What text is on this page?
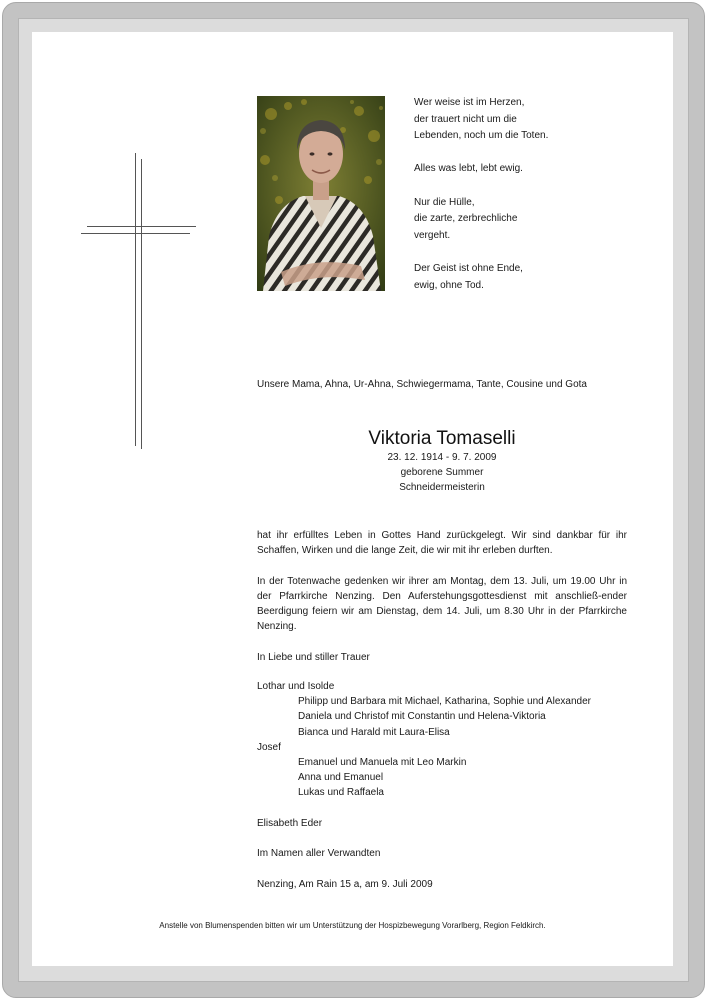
Wer weise ist im Herzen,
der trauert nicht um die
Lebenden, noch um die Toten.
Alles was lebt, lebt ewig.
Nur die Hülle,
die zarte, zerbrechliche
vergeht.
Der Geist ist ohne Ende,
ewig, ohne Tod.
Unsere Mama, Ahna, Ur-Ahna, Schwiegermama, Tante, Cousine und Gota
Viktoria Tomaselli
23. 12. 1914 - 9. 7. 2009
geborene Summer
Schneidermeisterin

hat ihr erfülltes Leben in Gottes Hand zurückgelegt. Wir sind dankbar für ihr Schaffen, Wirken und die lange Zeit, die wir mit ihr erleben durften.

In der Totenwache gedenken wir ihrer am Montag, dem 13. Juli, um 19.00 Uhr in der Pfarrkirche Nenzing. Den Auferstehungsgottesdienst mit anschließ-ender Beerdigung feiern wir am Dienstag, dem 14. Juli, um 8.30 Uhr in der Pfarrkirche Nenzing.

In Liebe und stiller Trauer

Lothar und Isolde
Philipp und Barbara mit Michael, Katharina, Sophie und Alexander
Daniela und Christof mit Constantin und Helena-Viktoria
Bianca und Harald mit Laura-Elisa
Josef
Emanuel und Manuela mit Leo Markin
Anna und Emanuel
Lukas und Raffaela
Elisabeth Eder
Im Namen aller Verwandten
Nenzing, Am Rain 15 a, am 9. Juli 2009
Anstelle von Blumenspenden bitten wir um Unterstützung der Hospizbewegung Vorarlberg, Region Feldkirch.
